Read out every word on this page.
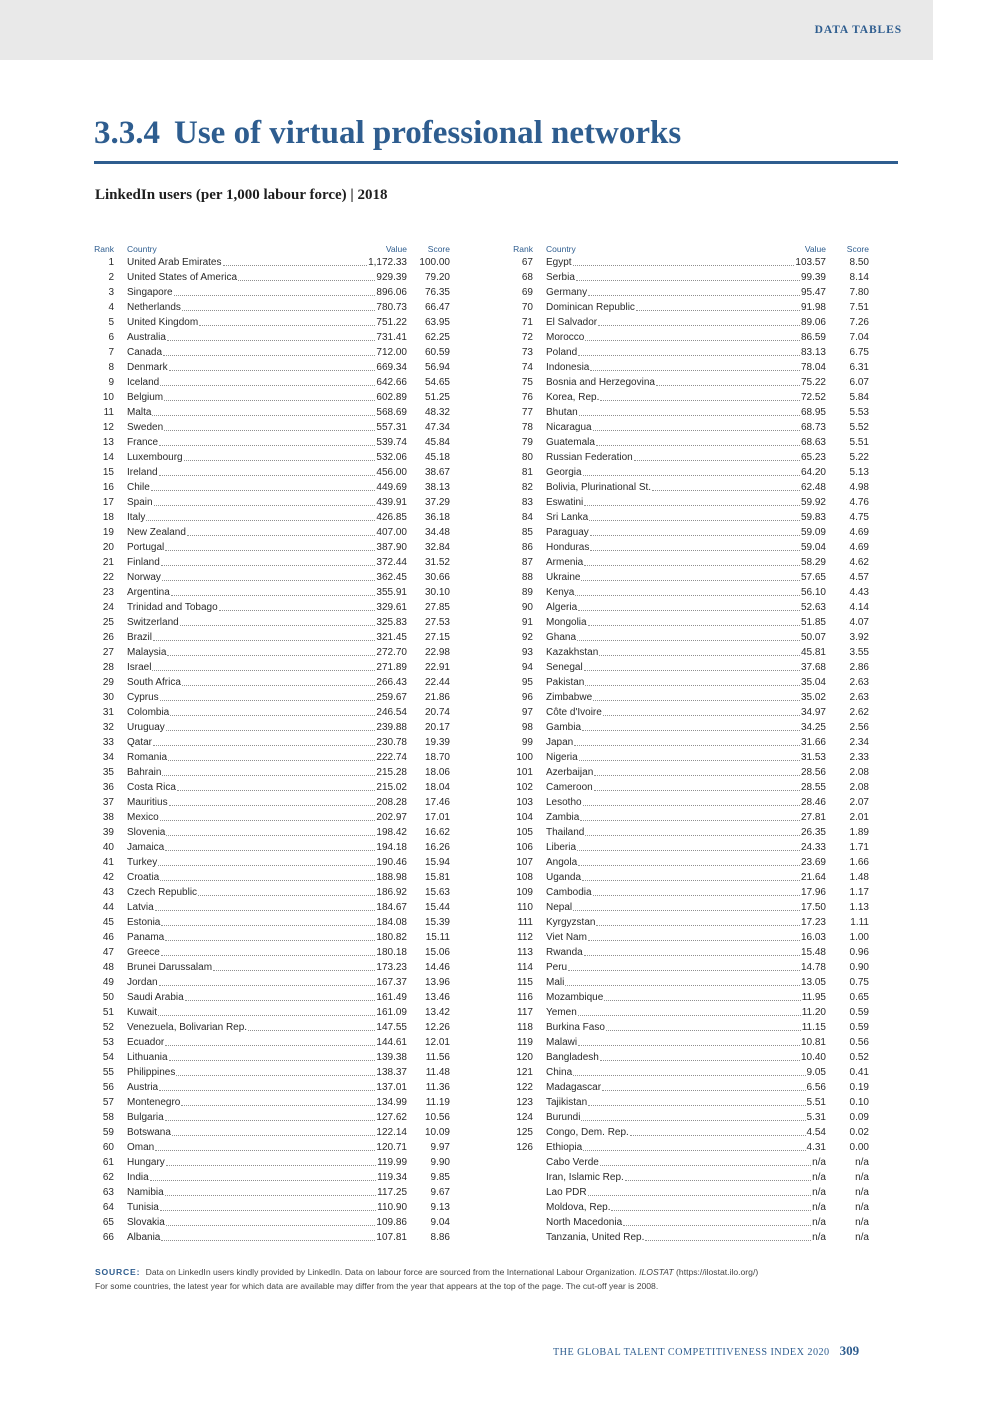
DATA TABLES
3.3.4 Use of virtual professional networks
LinkedIn users (per 1,000 labour force) | 2018
Rank Country	Value	Score
1 United Arab Emirates	1,172.33	100.00
2 United States of America	929.39	79.20
3 Singapore	896.06	76.35
4 Netherlands	780.73	66.47
5 United Kingdom	751.22	63.95
6 Australia	731.41	62.25
7 Canada	712.00	60.59
8 Denmark	669.34	56.94
9 Iceland	642.66	54.65
10 Belgium	602.89	51.25
11 Malta	568.69	48.32
12 Sweden	557.31	47.34
13 France	539.74	45.84
14 Luxembourg	532.06	45.18
15 Ireland	456.00	38.67
16 Chile	449.69	38.13
17 Spain	439.91	37.29
18 Italy	426.85	36.18
19 New Zealand	407.00	34.48
20 Portugal	387.90	32.84
21 Finland	372.44	31.52
22 Norway	362.45	30.66
23 Argentina	355.91	30.10
24 Trinidad and Tobago	329.61	27.85
25 Switzerland	325.83	27.53
26 Brazil	321.45	27.15
27 Malaysia	272.70	22.98
28 Israel	271.89	22.91
29 South Africa	266.43	22.44
30 Cyprus	259.67	21.86
31 Colombia	246.54	20.74
32 Uruguay	239.88	20.17
33 Qatar	230.78	19.39
34 Romania	222.74	18.70
35 Bahrain	215.28	18.06
36 Costa Rica	215.02	18.04
37 Mauritius	208.28	17.46
38 Mexico	202.97	17.01
39 Slovenia	198.42	16.62
40 Jamaica	194.18	16.26
41 Turkey	190.46	15.94
42 Croatia	188.98	15.81
43 Czech Republic	186.92	15.63
44 Latvia	184.67	15.44
45 Estonia	184.08	15.39
46 Panama	180.82	15.11
47 Greece	180.18	15.06
48 Brunei Darussalam	173.23	14.46
49 Jordan	167.37	13.96
50 Saudi Arabia	161.49	13.46
51 Kuwait	161.09	13.42
52 Venezuela, Bolivarian Rep.	147.55	12.26
53 Ecuador	144.61	12.01
54 Lithuania	139.38	11.56
55 Philippines	138.37	11.48
56 Austria	137.01	11.36
57 Montenegro	134.99	11.19
58 Bulgaria	127.62	10.56
59 Botswana	122.14	10.09
60 Oman	120.71	9.97
61 Hungary	119.99	9.90
62 India	119.34	9.85
63 Namibia	117.25	9.67
64 Tunisia	110.90	9.13
65 Slovakia	109.86	9.04
66 Albania	107.81	8.86
Rank Country	Value	Score
67 Egypt	103.57	8.50
68 Serbia	99.39	8.14
69 Germany	95.47	7.80
70 Dominican Republic	91.98	7.51
71 El Salvador	89.06	7.26
72 Morocco	86.59	7.04
73 Poland	83.13	6.75
74 Indonesia	78.04	6.31
75 Bosnia and Herzegovina	75.22	6.07
76 Korea, Rep.	72.52	5.84
77 Bhutan	68.95	5.53
78 Nicaragua	68.73	5.52
79 Guatemala	68.63	5.51
80 Russian Federation	65.23	5.22
81 Georgia	64.20	5.13
82 Bolivia, Plurinational St.	62.48	4.98
83 Eswatini	59.92	4.76
84 Sri Lanka	59.83	4.75
85 Paraguay	59.09	4.69
86 Honduras	59.04	4.69
87 Armenia	58.29	4.62
88 Ukraine	57.65	4.57
89 Kenya	56.10	4.43
90 Algeria	52.63	4.14
91 Mongolia	51.85	4.07
92 Ghana	50.07	3.92
93 Kazakhstan	45.81	3.55
94 Senegal	37.68	2.86
95 Pakistan	35.04	2.63
96 Zimbabwe	35.02	2.63
97 Côte d'Ivoire	34.97	2.62
98 Gambia	34.25	2.56
99 Japan	31.66	2.34
100 Nigeria	31.53	2.33
101 Azerbaijan	28.56	2.08
102 Cameroon	28.55	2.08
103 Lesotho	28.46	2.07
104 Zambia	27.81	2.01
105 Thailand	26.35	1.89
106 Liberia	24.33	1.71
107 Angola	23.69	1.66
108 Uganda	21.64	1.48
109 Cambodia	17.96	1.17
110 Nepal	17.50	1.13
111 Kyrgyzstan	17.23	1.11
112 Viet Nam	16.03	1.00
113 Rwanda	15.48	0.96
114 Peru	14.78	0.90
115 Mali	13.05	0.75
116 Mozambique	11.95	0.65
117 Yemen	11.20	0.59
118 Burkina Faso	11.15	0.59
119 Malawi	10.81	0.56
120 Bangladesh	10.40	0.52
121 China	9.05	0.41
122 Madagascar	6.56	0.19
123 Tajikistan	5.51	0.10
124 Burundi	5.31	0.09
125 Congo, Dem. Rep.	4.54	0.02
126 Ethiopia	4.31	0.00
Cabo Verde	n/a	n/a
Iran, Islamic Rep.	n/a	n/a
Lao PDR	n/a	n/a
Moldova, Rep.	n/a	n/a
North Macedonia	n/a	n/a
Tanzania, United Rep.	n/a	n/a
SOURCE: Data on LinkedIn users kindly provided by LinkedIn. Data on labour force are sourced from the International Labour Organization. ILOSTAT (https://ilostat.ilo.org/)
For some countries, the latest year for which data are available may differ from the year that appears at the top of the page. The cut-off year is 2008.
THE GLOBAL TALENT COMPETITIVENESS INDEX 2020 309
